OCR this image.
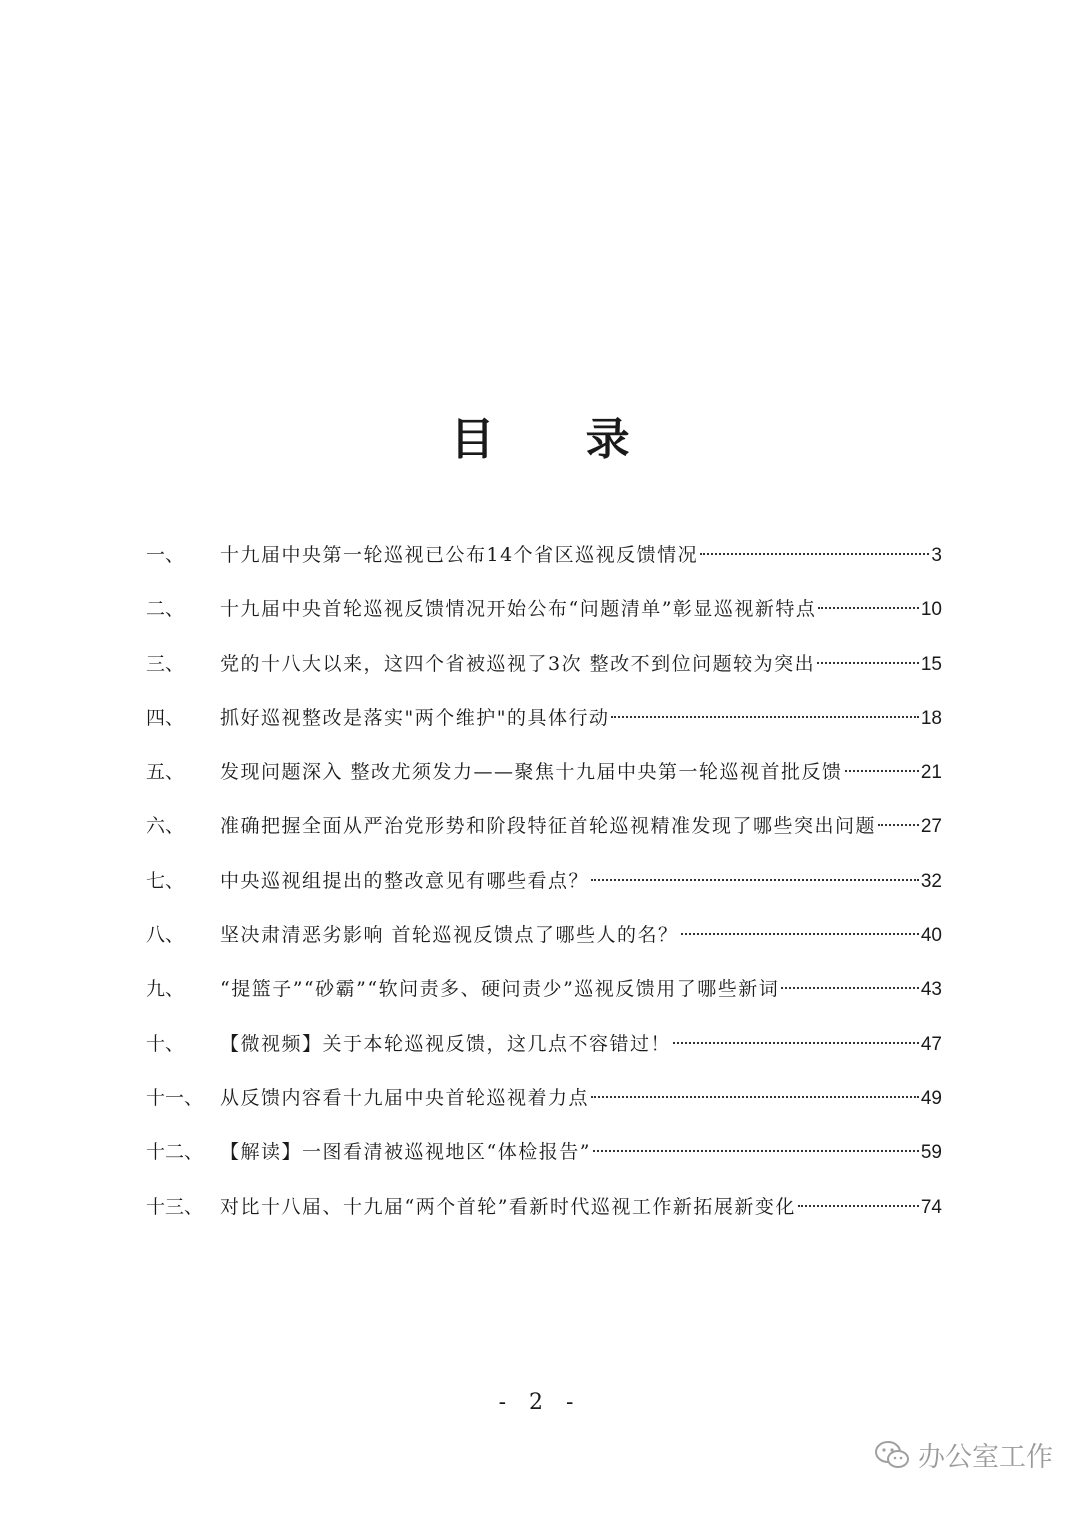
目 录
一、	十九届中央第一轮巡视已公布14个省区巡视反馈情况	3
二、	十九届中央首轮巡视反馈情况开始公布“问题清单”彰显巡视新特点	10
三、	党的十八大以来，这四个省被巡视了3次 整改不到位问题较为突出	15
四、	抓好巡视整改是落实"两个维护"的具体行动	18
五、	发现问题深入 整改尤须发力——聚焦十九届中央第一轮巡视首批反馈	21
六、	准确把握全面从严治党形势和阶段特征首轮巡视精准发现了哪些突出问题 27
七、	中央巡视组提出的整改意见有哪些看点？	32
八、	坚决肃清恶劣影响 首轮巡视反馈点了哪些人的名？	40
九、	“提篮子”“砂霸”“软问责多、硬问责少”巡视反馈用了哪些新词	43
十、	【微视频】关于本轮巡视反馈，这几点不容错过！	47
十一、 从反馈内容看十九届中央首轮巡视着力点	49
十二、 【解读】一图看清被巡视地区“体检报告”	59
十三、 对比十八届、十九届“两个首轮”看新时代巡视工作新拓展新变化	74
- 2 -
办公室工作
